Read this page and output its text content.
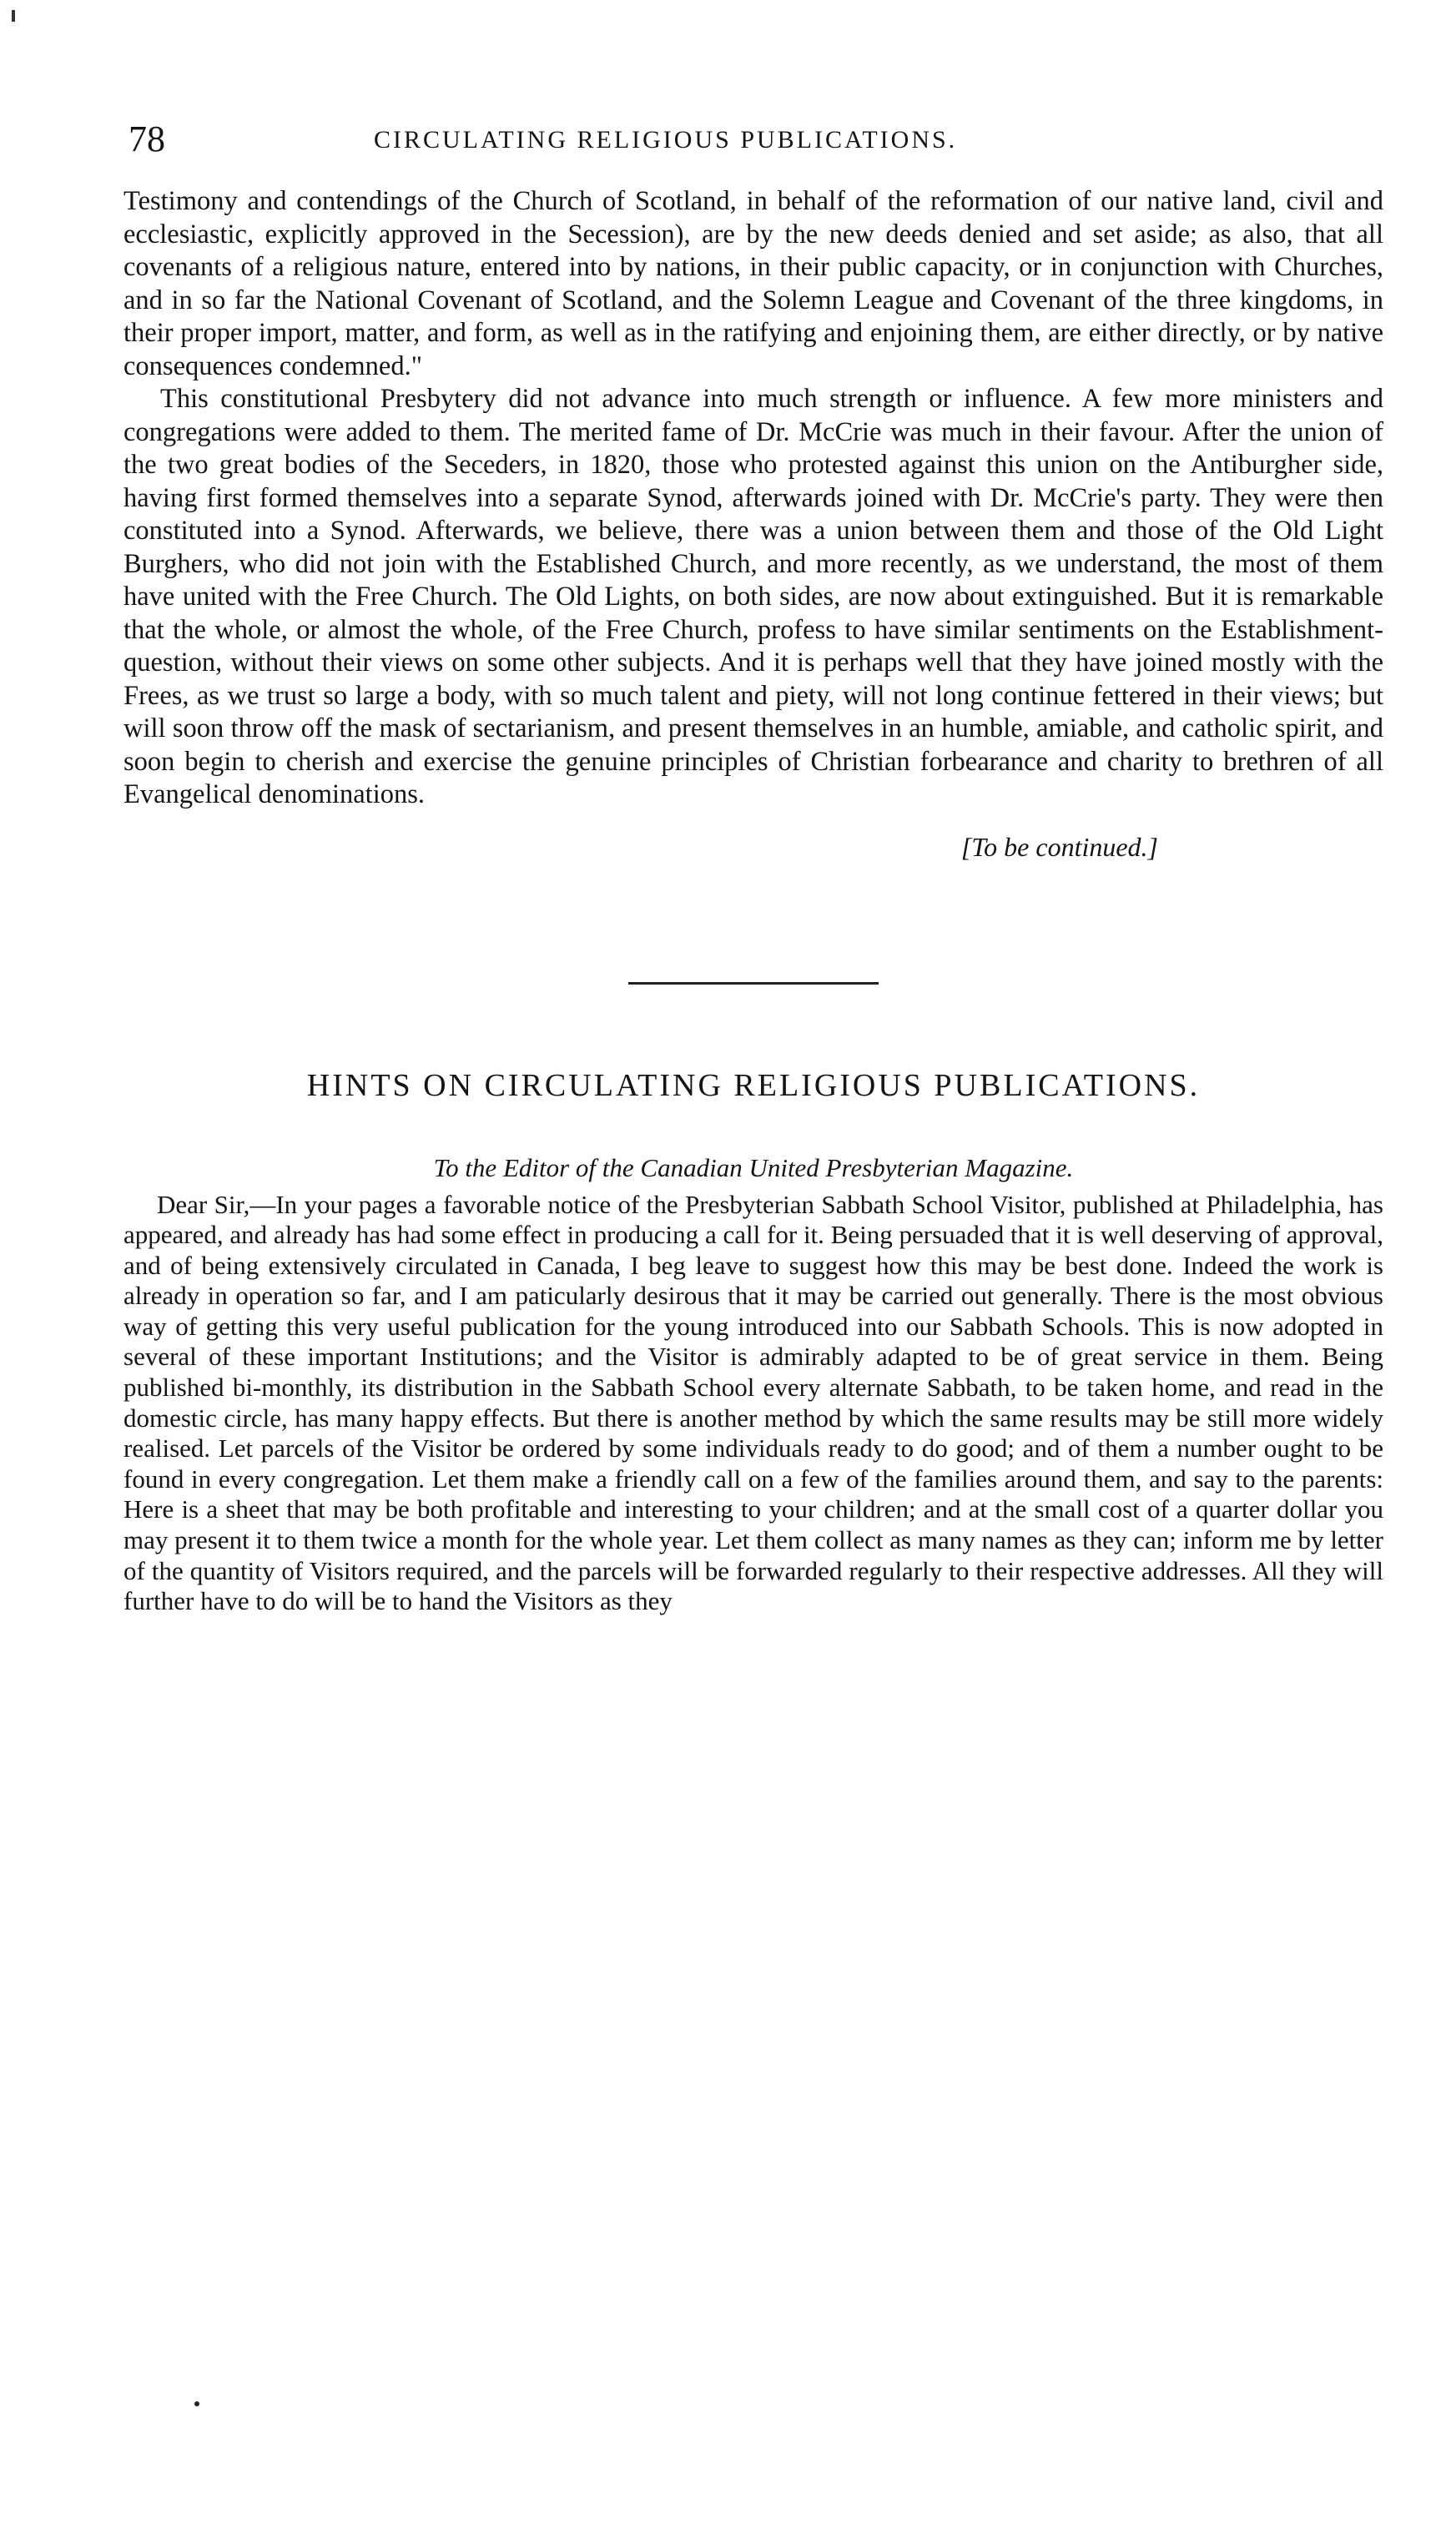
78	CIRCULATING RELIGIOUS PUBLICATIONS.

Testimony and contendings of the Church of Scotland, in behalf of the reformation of our native land, civil and ecclesiastic, explicitly approved in the Secession), are by the new deeds denied and set aside; as also, that all covenants of a religious nature, entered into by nations, in their public capacity, or in conjunction with Churches, and in so far the National Covenant of Scotland, and the Solemn League and Covenant of the three kingdoms, in their proper import, matter, and form, as well as in the ratifying and enjoining them, are either directly, or by native consequences condemned."

This constitutional Presbytery did not advance into much strength or influence. A few more ministers and congregations were added to them. The merited fame of Dr. McCrie was much in their favour. After the union of the two great bodies of the Seceders, in 1820, those who protested against this union on the Antiburgher side, having first formed themselves into a separate Synod, afterwards joined with Dr. McCrie's party. They were then constituted into a Synod. Afterwards, we believe, there was a union between them and those of the Old Light Burghers, who did not join with the Established Church, and more recently, as we understand, the most of them have united with the Free Church. The Old Lights, on both sides, are now about extinguished. But it is remarkable that the whole, or almost the whole, of the Free Church, profess to have similar sentiments on the Establishment-question, without their views on some other subjects. And it is perhaps well that they have joined mostly with the Frees, as we trust so large a body, with so much talent and piety, will not long continue fettered in their views; but will soon throw off the mask of sectarianism, and present themselves in an humble, amiable, and catholic spirit, and soon begin to cherish and exercise the genuine principles of Christian forbearance and charity to brethren of all Evangelical denominations.

[To be continued.]
HINTS ON CIRCULATING RELIGIOUS PUBLICATIONS.
To the Editor of the Canadian United Presbyterian Magazine.

Dear Sir,—In your pages a favorable notice of the Presbyterian Sabbath School Visitor, published at Philadelphia, has appeared, and already has had some effect in producing a call for it. Being persuaded that it is well deserving of approval, and of being extensively circulated in Canada, I beg leave to suggest how this may be best done. Indeed the work is already in operation so far, and I am paticularly desirous that it may be carried out generally. There is the most obvious way of getting this very useful publication for the young introduced into our Sabbath Schools. This is now adopted in several of these important Institutions; and the Visitor is admirably adapted to be of great service in them. Being published bi-monthly, its distribution in the Sabbath School every alternate Sabbath, to be taken home, and read in the domestic circle, has many happy effects. But there is another method by which the same results may be still more widely realised. Let parcels of the Visitor be ordered by some individuals ready to do good; and of them a number ought to be found in every congregation. Let them make a friendly call on a few of the families around them, and say to the parents: Here is a sheet that may be both profitable and interesting to your children; and at the small cost of a quarter dollar you may present it to them twice a month for the whole year. Let them collect as many names as they can; inform me by letter of the quantity of Visitors required, and the parcels will be forwarded regularly to their respective addresses. All they will further have to do will be to hand the Visitors as they
